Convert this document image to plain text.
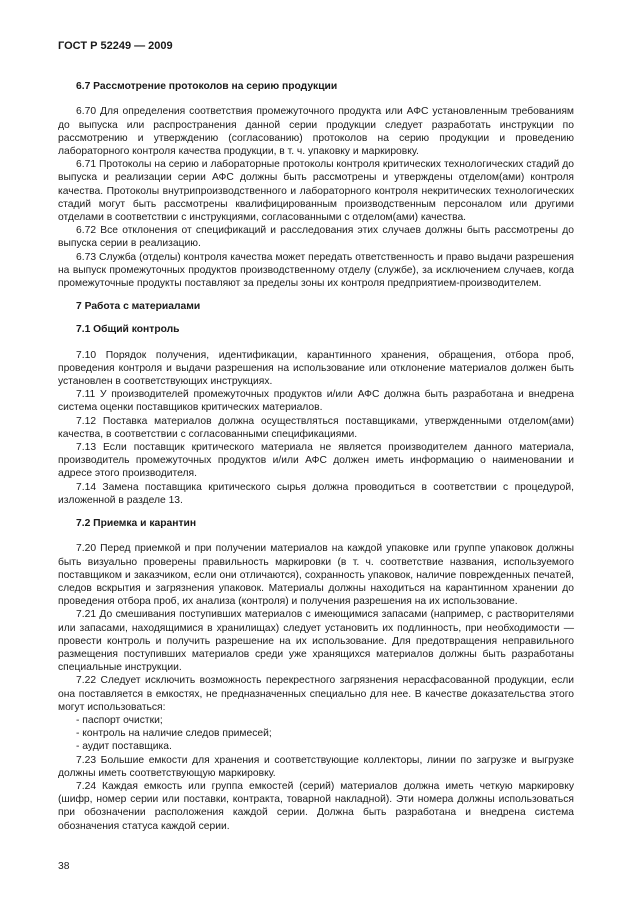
ГОСТ Р 52249 — 2009
6.7 Рассмотрение протоколов на серию продукции
6.70 Для определения соответствия промежуточного продукта или АФС установленным требованиям до выпуска или распространения данной серии продукции следует разработать инструкции по рассмотрению и утверждению (согласованию) протоколов на серию продукции и проведению лабораторного контроля качества продукции, в т. ч. упаковку и маркировку.
6.71 Протоколы на серию и лабораторные протоколы контроля критических технологических стадий до выпуска и реализации серии АФС должны быть рассмотрены и утверждены отделом(ами) контроля качества. Протоколы внутрипроизводственного и лабораторного контроля некритических технологических стадий могут быть рассмотрены квалифицированным производственным персоналом или другими отделами в соответствии с инструкциями, согласованными с отделом(ами) качества.
6.72 Все отклонения от спецификаций и расследования этих случаев должны быть рассмотрены до выпуска серии в реализацию.
6.73 Служба (отделы) контроля качества может передать ответственность и право выдачи разрешения на выпуск промежуточных продуктов производственному отделу (службе), за исключением случаев, когда промежуточные продукты поставляют за пределы зоны их контроля предприятием-производителем.
7 Работа с материалами
7.1 Общий контроль
7.10 Порядок получения, идентификации, карантинного хранения, обращения, отбора проб, проведения контроля и выдачи разрешения на использование или отклонение материалов должен быть установлен в соответствующих инструкциях.
7.11 У производителей промежуточных продуктов и/или АФС должна быть разработана и внедрена система оценки поставщиков критических материалов.
7.12 Поставка материалов должна осуществляться поставщиками, утвержденными отделом(ами) качества, в соответствии с согласованными спецификациями.
7.13 Если поставщик критического материала не является производителем данного материала, производитель промежуточных продуктов и/или АФС должен иметь информацию о наименовании и адресе этого производителя.
7.14 Замена поставщика критического сырья должна проводиться в соответствии с процедурой, изложенной в разделе 13.
7.2 Приемка и карантин
7.20 Перед приемкой и при получении материалов на каждой упаковке или группе упаковок должны быть визуально проверены правильность маркировки (в т. ч. соответствие названия, используемого поставщиком и заказчиком, если они отличаются), сохранность упаковок, наличие поврежденных печатей, следов вскрытия и загрязнения упаковок. Материалы должны находиться на карантинном хранении до проведения отбора проб, их анализа (контроля) и получения разрешения на их использование.
7.21 До смешивания поступивших материалов с имеющимися запасами (например, с растворителями или запасами, находящимися в хранилищах) следует установить их подлинность, при необходимости — провести контроль и получить разрешение на их использование. Для предотвращения неправильного размещения поступивших материалов среди уже хранящихся материалов должны быть разработаны специальные инструкции.
7.22 Следует исключить возможность перекрестного загрязнения нерасфасованной продукции, если она поставляется в емкостях, не предназначенных специально для нее. В качестве доказательства этого могут использоваться:
- паспорт очистки;
- контроль на наличие следов примесей;
- аудит поставщика.
7.23 Большие емкости для хранения и соответствующие коллекторы, линии по загрузке и выгрузке должны иметь соответствующую маркировку.
7.24 Каждая емкость или группа емкостей (серий) материалов должна иметь четкую маркировку (шифр, номер серии или поставки, контракта, товарной накладной). Эти номера должны использоваться при обозначении расположения каждой серии. Должна быть разработана и внедрена система обозначения статуса каждой серии.
38
